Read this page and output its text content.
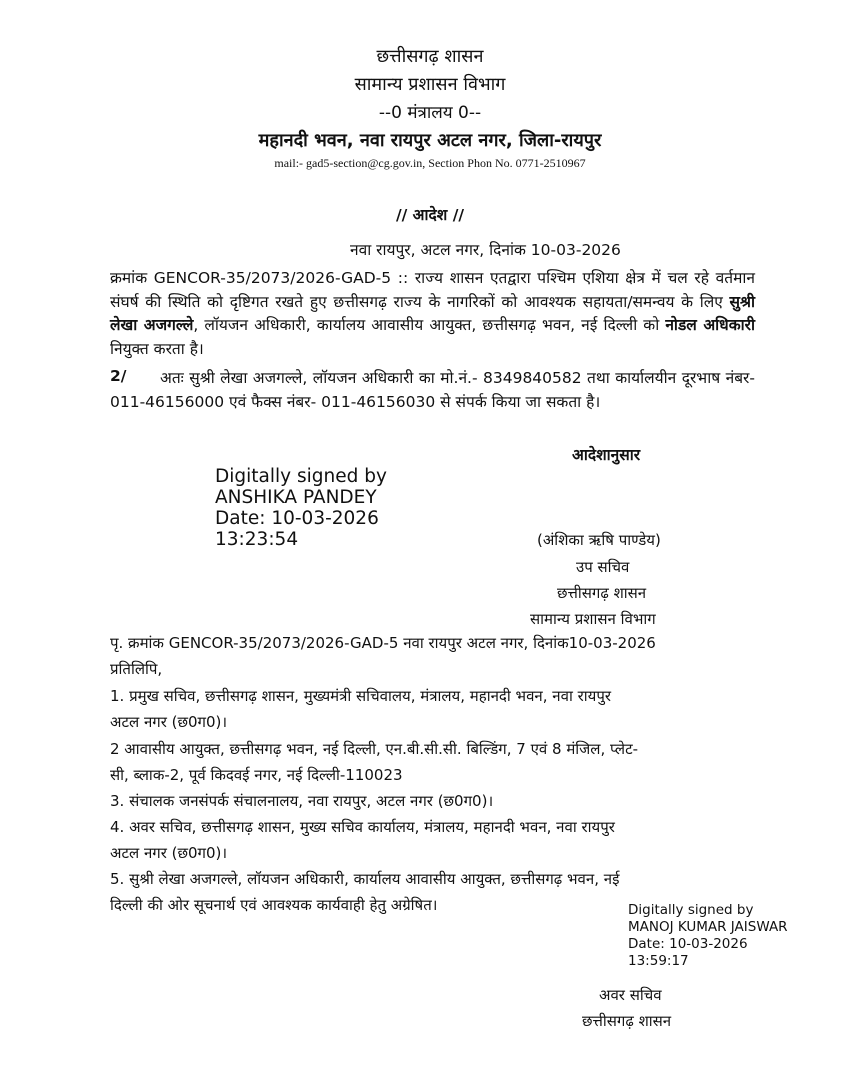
छत्तीसगढ़ शासन
सामान्य प्रशासन विभाग
--0 मंत्रालय 0--
महानदी भवन, नवा रायपुर अटल नगर, जिला-रायपुर
mail:- gad5-section@cg.gov.in, Section Phon No. 0771-2510967
// आदेश //
नवा रायपुर, अटल नगर, दिनांक 10-03-2026
क्रमांक GENCOR-35/2073/2026-GAD-5 :: राज्य शासन एतद्वारा पश्चिम एशिया क्षेत्र में चल रहे वर्तमान संघर्ष की स्थिति को दृष्टिगत रखते हुए छत्तीसगढ़ राज्य के नागरिकों को आवश्यक सहायता/समन्वय के लिए सुश्री लेखा अजगल्ले, लॉयजन अधिकारी, कार्यालय आवासीय आयुक्त, छत्तीसगढ़ भवन, नई दिल्ली को नोडल अधिकारी नियुक्त करता है।
2/	अतः सुश्री लेखा अजगल्ले, लॉयजन अधिकारी का मो.नं.- 8349840582 तथा कार्यालयीन दूरभाष नंबर- 011-46156000 एवं फैक्स नंबर- 011-46156030 से संपर्क किया जा सकता है।
आदेशानुसार
Digitally signed by
ANSHIKA PANDEY
Date: 10-03-2026
13:23:54	(अंशिका ऋषि पाण्डेय)
उप सचिव
छत्तीसगढ़ शासन
सामान्य प्रशासन विभाग
पृ. क्रमांक GENCOR-35/2073/2026-GAD-5 नवा रायपुर अटल नगर, दिनांक10-03-2026
प्रतिलिपि,
1. प्रमुख सचिव, छत्तीसगढ़ शासन, मुख्यमंत्री सचिवालय, मंत्रालय, महानदी भवन, नवा रायपुर
अटल नगर (छ0ग0)।
2 आवासीय आयुक्त, छत्तीसगढ़ भवन, नई दिल्ली, एन.बी.सी.सी. बिल्डिंग, 7 एवं 8 मंजिल, प्लेट-
सी, ब्लाक-2, पूर्व किदवई नगर, नई दिल्ली-110023
3. संचालक जनसंपर्क संचालनालय, नवा रायपुर, अटल नगर (छ0ग0)।
4. अवर सचिव, छत्तीसगढ़ शासन, मुख्य सचिव कार्यालय, मंत्रालय, महानदी भवन, नवा रायपुर
अटल नगर (छ0ग0)।
5. सुश्री लेखा अजगल्ले, लॉयजन अधिकारी, कार्यालय आवासीय आयुक्त, छत्तीसगढ़ भवन, नई
दिल्ली की ओर सूचनार्थ एवं आवश्यक कार्यवाही हेतु अग्रेषित।	Digitally signed by
MANOJ KUMAR JAISWAR
Date: 10-03-2026
13:59:17
अवर सचिव
छत्तीसगढ़ शासन
